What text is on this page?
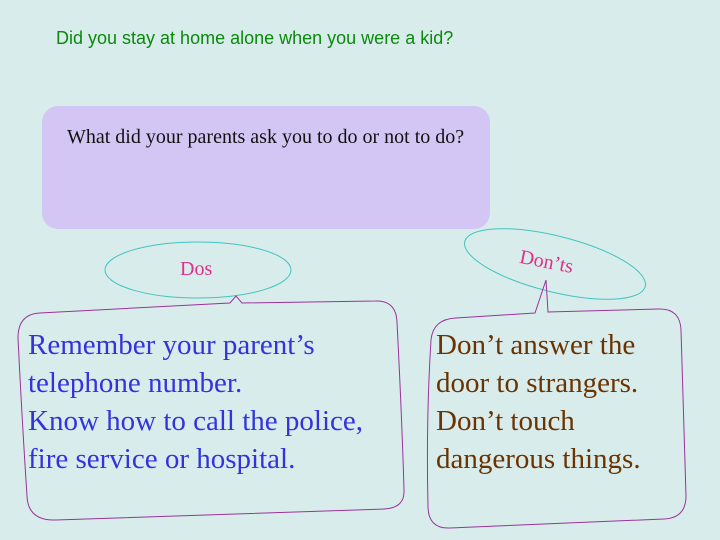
Did you stay at home alone when you were a kid?
What did your parents ask you to do or not to do?
Dos	Don’ts
Remember your parent’s
telephone number.
Know how to call the police,
fire service or hospital.
Don’t answer the
door to strangers.
Don’t touch
dangerous things.
